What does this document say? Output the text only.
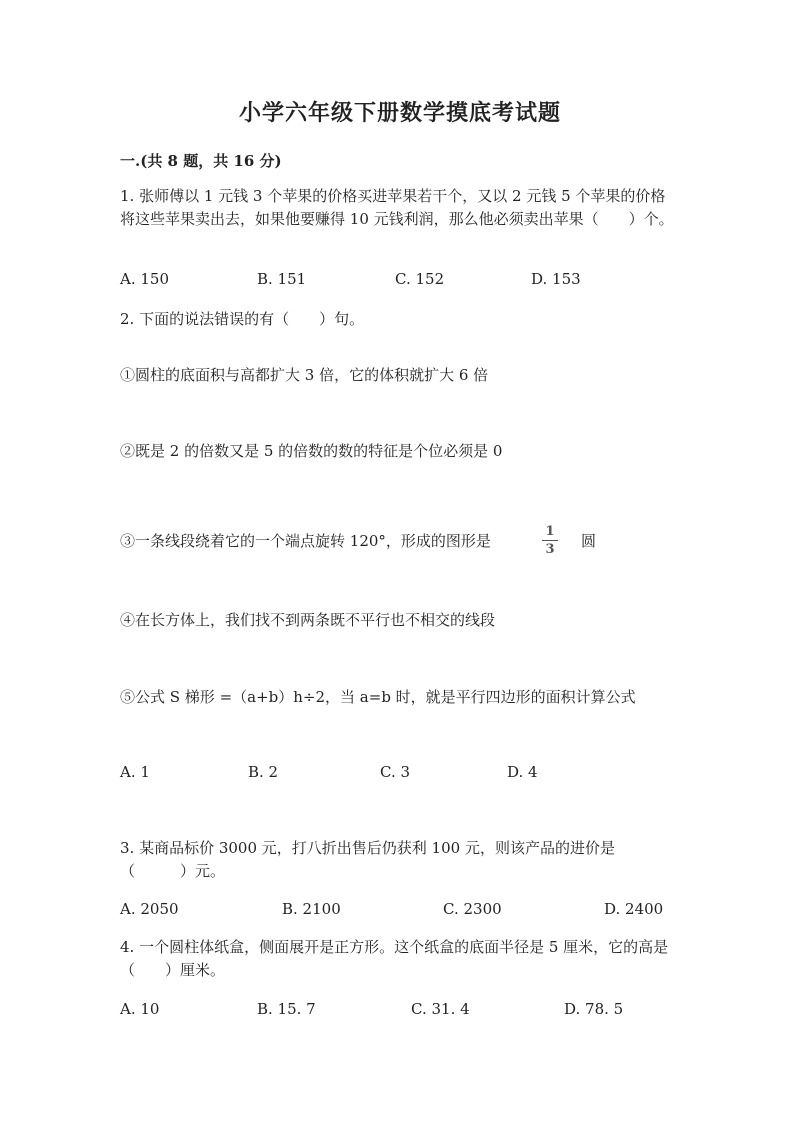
小学六年级下册数学摸底考试题
一.(共 8 题，共 16 分)
1. 张师傅以 1 元钱 3 个苹果的价格买进苹果若干个，又以 2 元钱 5 个苹果的价格将这些苹果卖出去，如果他要赚得 10 元钱利润，那么他必须卖出苹果（　　）个。
A. 150	B. 151	C. 152	D. 153
2. 下面的说法错误的有（　　）句。
①圆柱的底面积与高都扩大 3 倍，它的体积就扩大 6 倍
②既是 2 的倍数又是 5 的倍数的数的特征是个位必须是 0
③一条线段绕着它的一个端点旋转 120°，形成的图形是
1
3	圆
④在长方体上，我们找不到两条既不平行也不相交的线段
⑤公式 S 梯形 =（a+b）h÷2，当 a=b 时，就是平行四边形的面积计算公式
A. 1	B. 2	C. 3	D. 4
3. 某商品标价 3000 元，打八折出售后仍获利 100 元，则该产品的进价是（　　　）元。
A. 2050	B. 2100	C. 2300	D. 2400
4. 一个圆柱体纸盒，侧面展开是正方形。这个纸盒的底面半径是 5 厘米，它的高是（　　）厘米。
A. 10	B. 15. 7	C. 31. 4	D. 78. 5
